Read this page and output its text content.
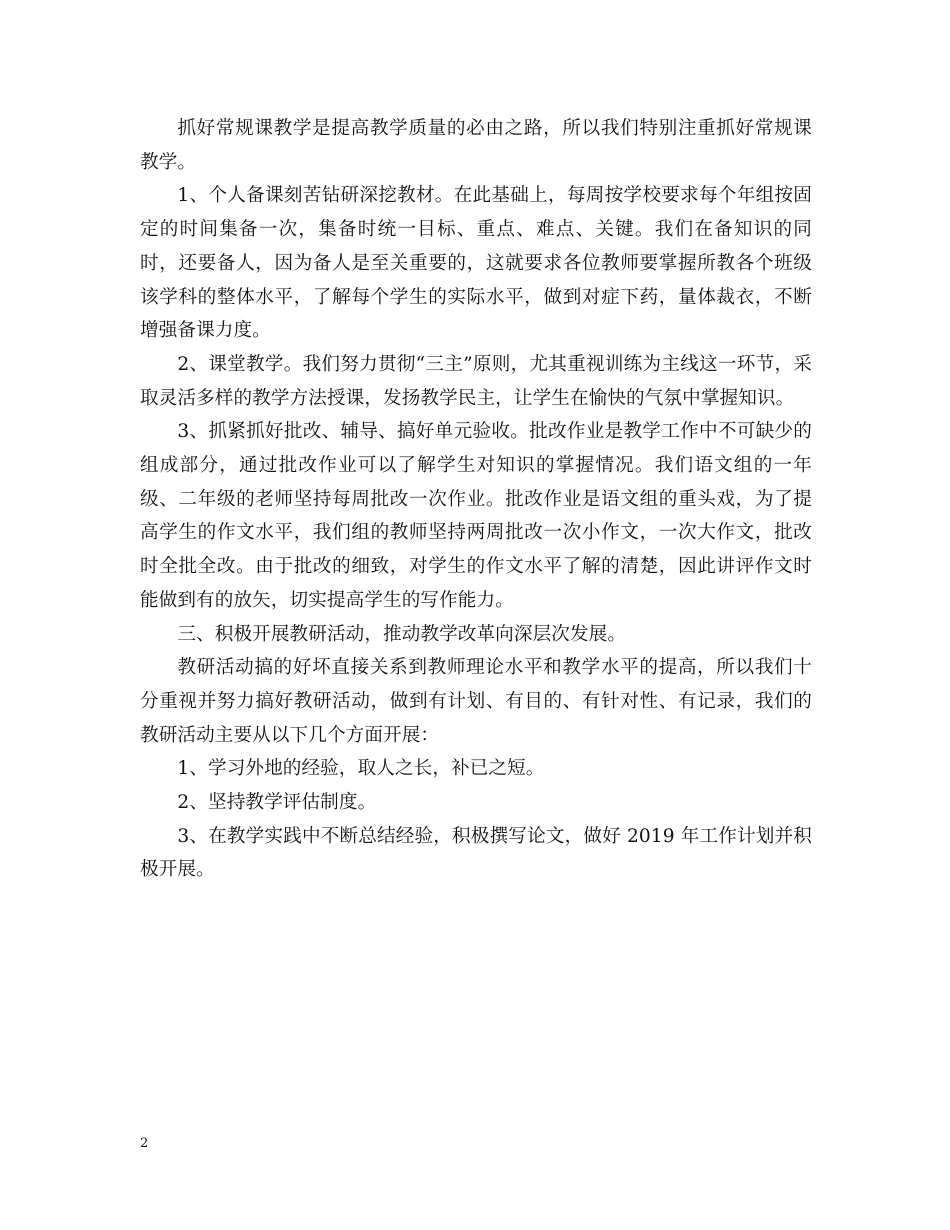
抓好常规课教学是提高教学质量的必由之路，所以我们特别注重抓好常规课教学。

1、个人备课刻苦钻研深挖教材。在此基础上，每周按学校要求每个年组按固定的时间集备一次，集备时统一目标、重点、难点、关键。我们在备知识的同时，还要备人，因为备人是至关重要的，这就要求各位教师要掌握所教各个班级该学科的整体水平，了解每个学生的实际水平，做到对症下药，量体裁衣，不断增强备课力度。

2、课堂教学。我们努力贯彻“三主”原则，尤其重视训练为主线这一环节，采取灵活多样的教学方法授课，发扬教学民主，让学生在愉快的气氛中掌握知识。

3、抓紧抓好批改、辅导、搞好单元验收。批改作业是教学工作中不可缺少的组成部分，通过批改作业可以了解学生对知识的掌握情况。我们语文组的一年级、二年级的老师坚持每周批改一次作业。批改作业是语文组的重头戏，为了提高学生的作文水平，我们组的教师坚持两周批改一次小作文，一次大作文，批改时全批全改。由于批改的细致，对学生的作文水平了解的清楚，因此讲评作文时能做到有的放矢，切实提高学生的写作能力。

三、积极开展教研活动，推动教学改革向深层次发展。

教研活动搞的好坏直接关系到教师理论水平和教学水平的提高，所以我们十分重视并努力搞好教研活动，做到有计划、有目的、有针对性、有记录，我们的教研活动主要从以下几个方面开展：

1、学习外地的经验，取人之长，补已之短。

2、坚持教学评估制度。

3、在教学实践中不断总结经验，积极撰写论文，做好 2019 年工作计划并积极开展。

2
